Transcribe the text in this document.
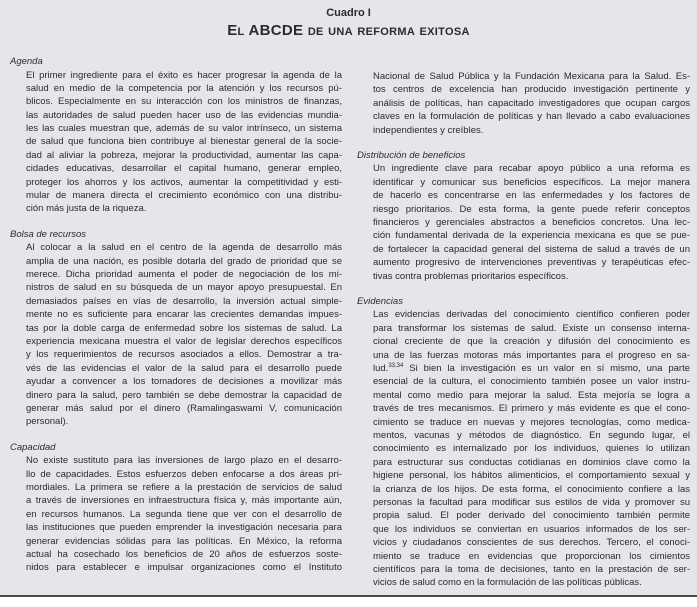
Cuadro I
El ABCDE de una reforma exitosa
Agenda
El primer ingrediente para el éxito es hacer progresar la agenda de la
salud en medio de la competencia por la atención y los recursos pú-
blicos. Especialmente en su interacción con los ministros de finanzas,
las autoridades de salud pueden hacer uso de las evidencias mundia-
les las cuales muestran que, además de su valor intrínseco, un sistema
de salud que funciona bien contribuye al bienestar general de la socie-
dad al aliviar la pobreza, mejorar la productividad, aumentar las capa-
cidades educativas, desarrollar el capital humano, generar empleo,
proteger los ahorros y los activos, aumentar la competitividad y esti-
mular de manera directa el crecimiento económico con una distribu-
ción más justa de la riqueza.
Bolsa de recursos
Al colocar a la salud en el centro de la agenda de desarrollo más
amplia de una nación, es posible dotarla del grado de prioridad que se
merece. Dicha prioridad aumenta el poder de negociación de los mi-
nistros de salud en su búsqueda de un mayor apoyo presupuestal. En
demasiados países en vías de desarrollo, la inversión actual simple-
mente no es suficiente para encarar las crecientes demandas impues-
tas por la doble carga de enfermedad sobre los sistemas de salud. La
experiencia mexicana muestra el valor de legislar derechos específicos
y los requerimientos de recursos asociados a ellos. Demostrar a tra-
vés de las evidencias el valor de la salud para el desarrollo puede
ayudar a convencer a los tomadores de decisiones a movilizar más
dinero para la salud, pero también se debe demostrar la capacidad de
generar más salud por el dinero (Ramalingaswami V, comunicación
personal).
Capacidad
No existe sustituto para las inversiones de largo plazo en el desarro-
llo de capacidades. Estos esfuerzos deben enfocarse a dos áreas pri-
mordiales. La primera se refiere a la prestación de servicios de salud
a través de inversiones en infraestructura física y, más importante aún,
en recursos humanos. La segunda tiene que ver con el desarrollo de
las instituciones que pueden emprender la investigación necesaria para
generar evidencias sólidas para las políticas. En México, la reforma
actual ha cosechado los beneficios de 20 años de esfuerzos soste-
nidos para establecer e impulsar organizaciones como el Instituto
Nacional de Salud Pública y la Fundación Mexicana para la Salud. Es-
tos centros de excelencia han producido investigación pertinente y
análisis de políticas, han capacitado investigadores que ocupan cargos
claves en la formulación de políticas y han llevado a cabo evaluaciones
independientes y creíbles.
Distribución de beneficios
Un ingrediente clave para recabar apoyo público a una reforma es
identificar y comunicar sus beneficios específicos. La mejor manera
de hacerlo es concentrarse en las enfermedades y los factores de
riesgo prioritarios. De esta forma, la gente puede referir conceptos
financieros y gerenciales abstractos a beneficios concretos. Una lec-
ción fundamental derivada de la experiencia mexicana es que se pue-
de fortalecer la capacidad general del sistema de salud a través de un
aumento progresivo de intervenciones preventivas y terapéuticas efec-
tivas contra problemas prioritarios específicos.
Evidencias
Las evidencias derivadas del conocimiento científico confieren poder
para transformar los sistemas de salud. Existe un consenso interna-
cional creciente de que la creación y difusión del conocimiento es
una de las fuerzas motoras más importantes para el progreso en sa-
lud.$^{33,34}$ Si bien la investigación es un valor en sí mismo, una parte
esencial de la cultura, el conocimiento también posee un valor instru-
mental como medio para mejorar la salud. Esta mejoría se logra a
través de tres mecanismos. El primero y más evidente es que el cono-
cimiento se traduce en nuevas y mejores tecnologías, como medica-
mentos, vacunas y métodos de diagnóstico. En segundo lugar, el
conocimiento es internalizado por los individuos, quienes lo utilizan
para estructurar sus conductas cotidianas en dominios clave como la
higiene personal, los hábitos alimenticios, el comportamiento sexual y
la crianza de los hijos. De esta forma, el conocimiento confiere a las
personas la facultad para modificar sus estilos de vida y promover su
propia salud. El poder derivado del conocimiento también permite
que los individuos se conviertan en usuarios informados de los ser-
vicios y ciudadanos conscientes de sus derechos. Tercero, el conoci-
miento se traduce en evidencias que proporcionan los cimientos
científicos para la toma de decisiones, tanto en la prestación de ser-
vicios de salud como en la formulación de las políticas públicas.
